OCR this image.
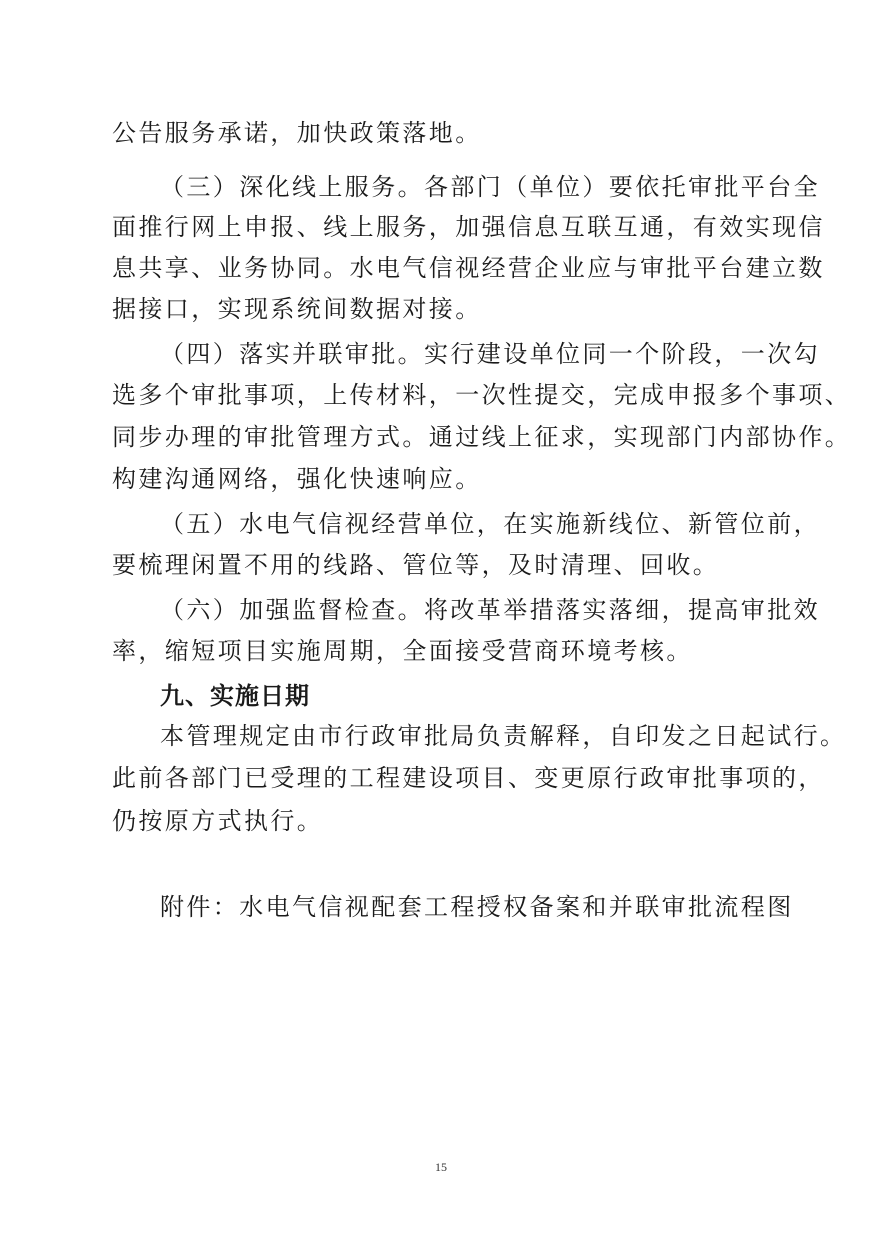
公告服务承诺，加快政策落地。
（三）深化线上服务。各部门（单位）要依托审批平台全
面推行网上申报、线上服务，加强信息互联互通，有效实现信
息共享、业务协同。水电气信视经营企业应与审批平台建立数
据接口，实现系统间数据对接。
（四）落实并联审批。实行建设单位同一个阶段，一次勾
选多个审批事项，上传材料，一次性提交，完成申报多个事项、
同步办理的审批管理方式。通过线上征求，实现部门内部协作。
构建沟通网络，强化快速响应。
（五）水电气信视经营单位，在实施新线位、新管位前，
要梳理闲置不用的线路、管位等，及时清理、回收。
（六）加强监督检查。将改革举措落实落细，提高审批效
率，缩短项目实施周期，全面接受营商环境考核。
九、实施日期
本管理规定由市行政审批局负责解释，自印发之日起试行。
此前各部门已受理的工程建设项目、变更原行政审批事项的，
仍按原方式执行。
附件：水电气信视配套工程授权备案和并联审批流程图
15
